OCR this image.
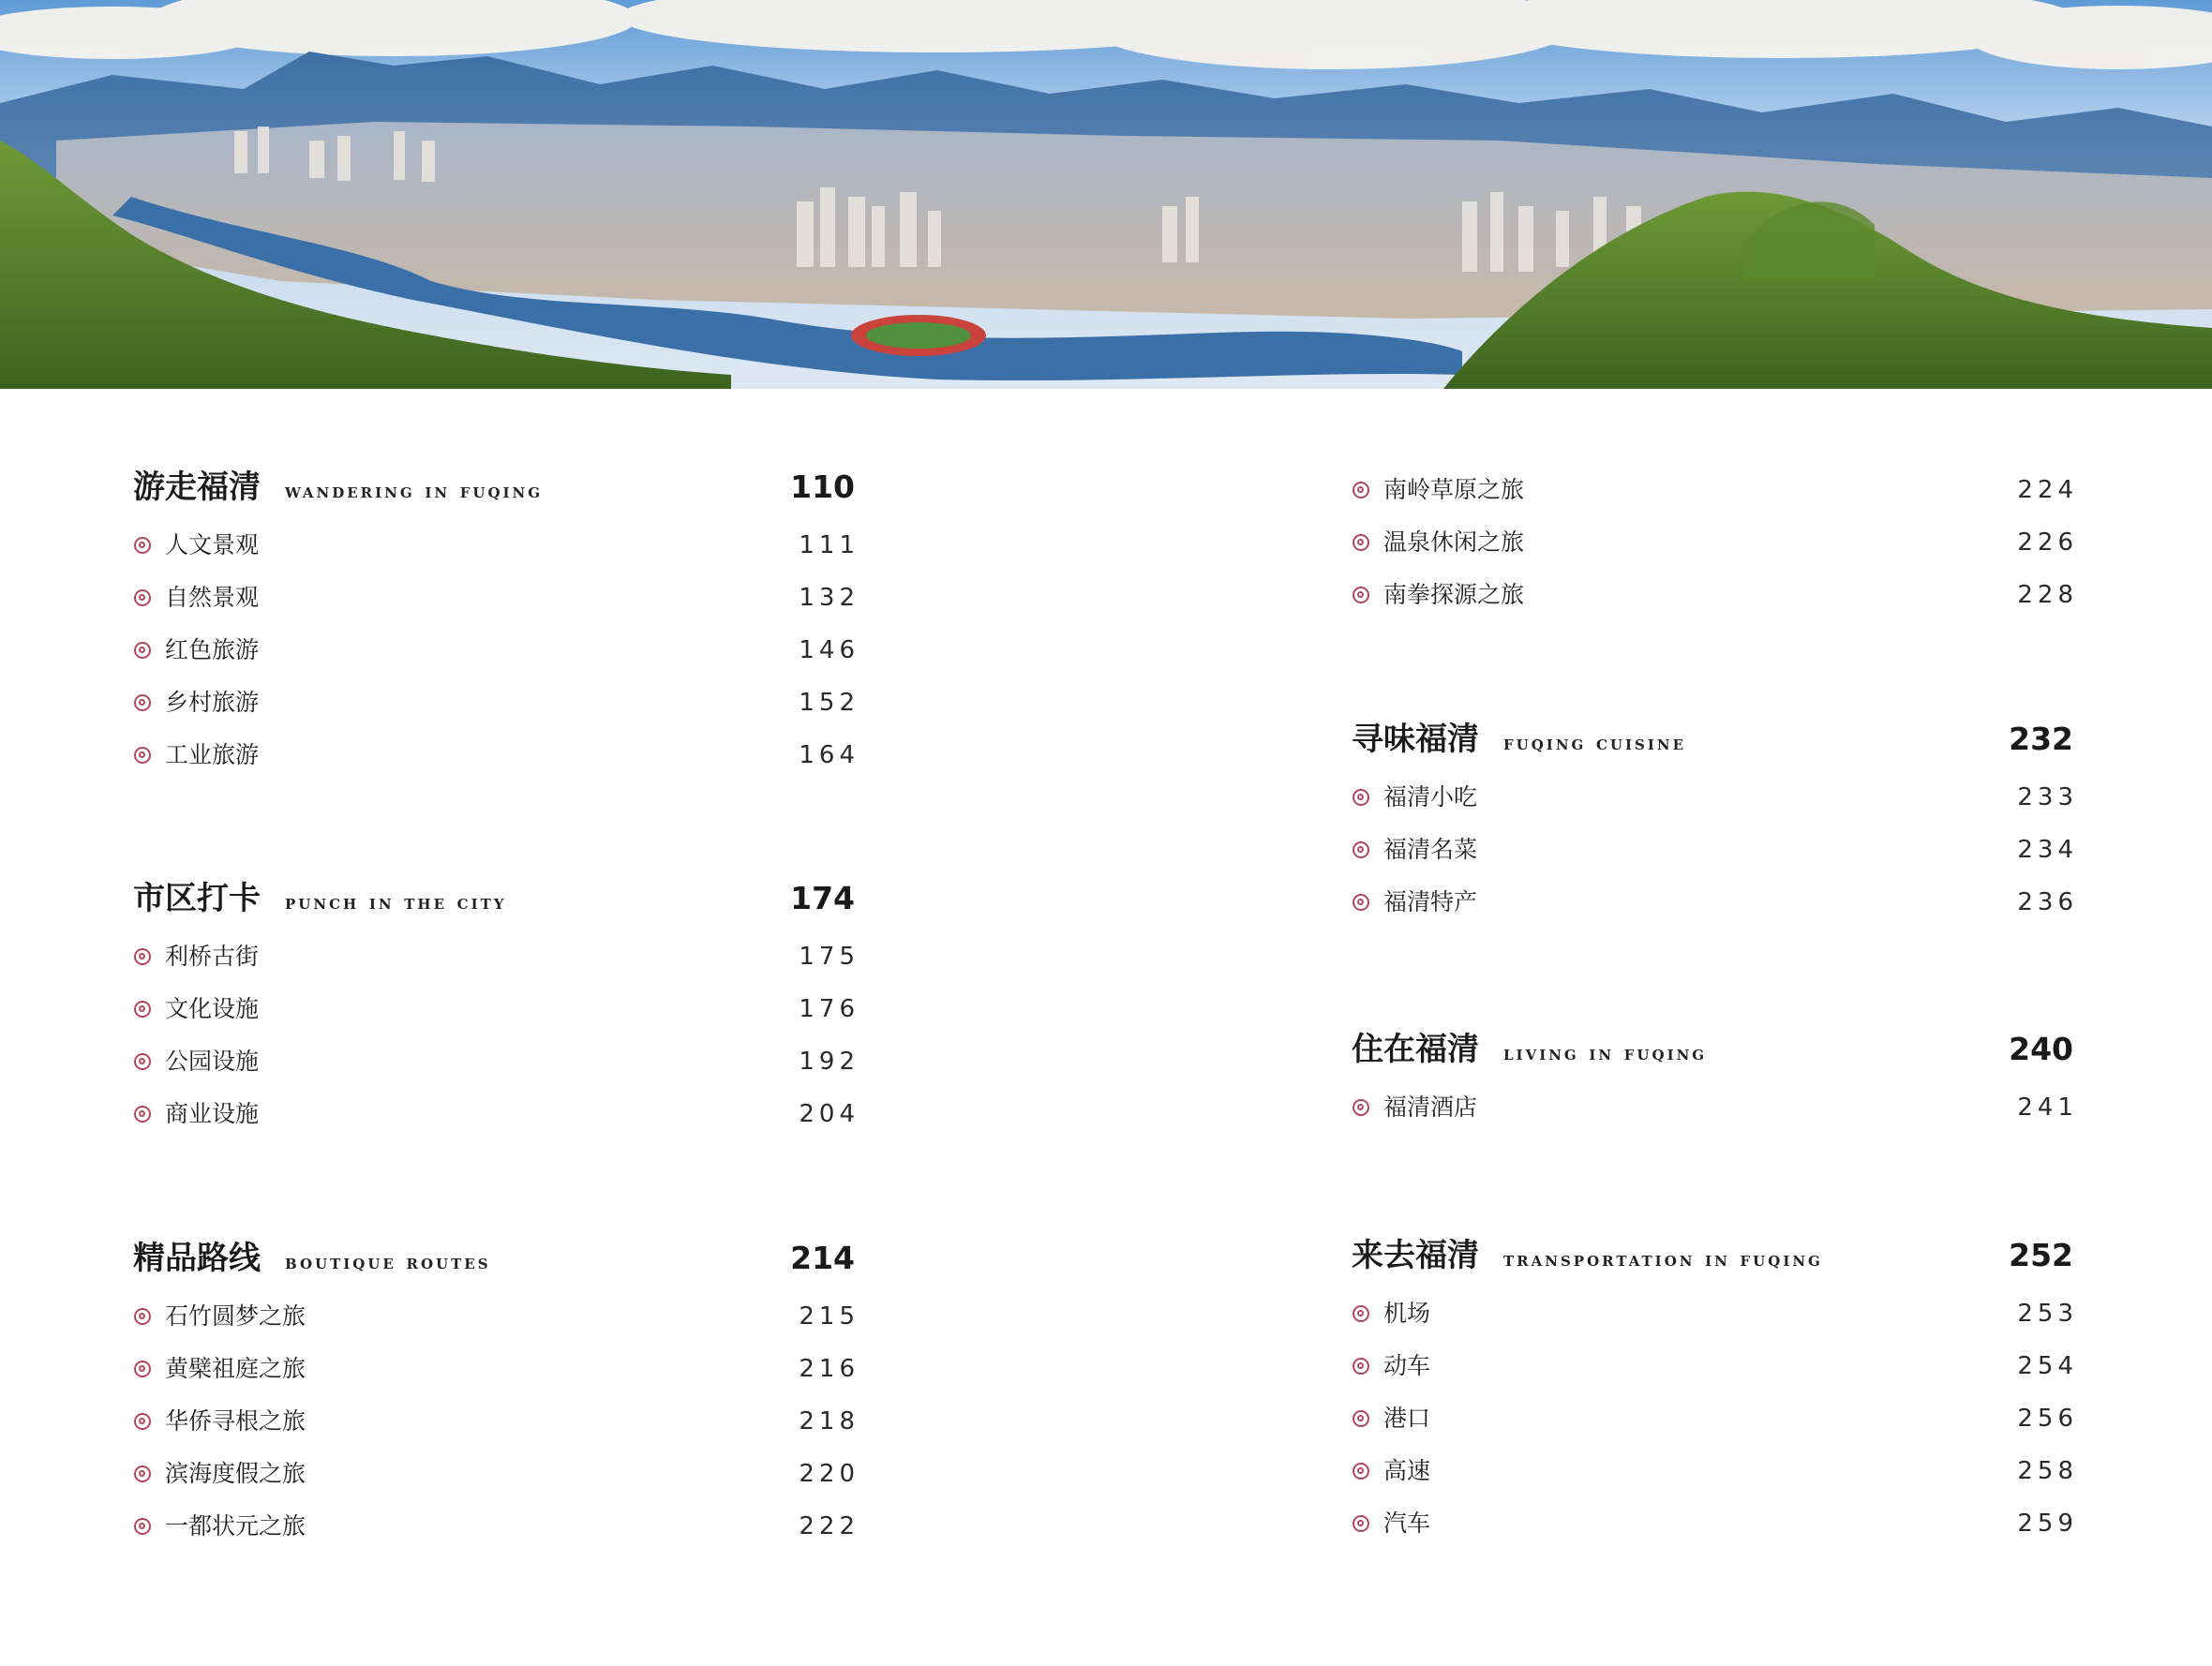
游走福清 wandering in fuqing	110
人文景观	111
自然景观	132
红色旅游	146
乡村旅游	152
工业旅游	164
市区打卡 punch in the city	174
利桥古街	175
文化设施	176
公园设施	192
商业设施	204
精品路线 boutique routes	214
石竹圆梦之旅	215
黄檗祖庭之旅	216
华侨寻根之旅	218
滨海度假之旅	220
一都状元之旅	222
南岭草原之旅	224
温泉休闲之旅	226
南拳探源之旅	228
寻味福清 fuqing cuisine	232
福清小吃	233
福清名菜	234
福清特产	236
住在福清 living in fuqing	240
福清酒店	241
来去福清 transportation in fuqing	252
机场	253
动车	254
港口	256
高速	258
汽车	259
